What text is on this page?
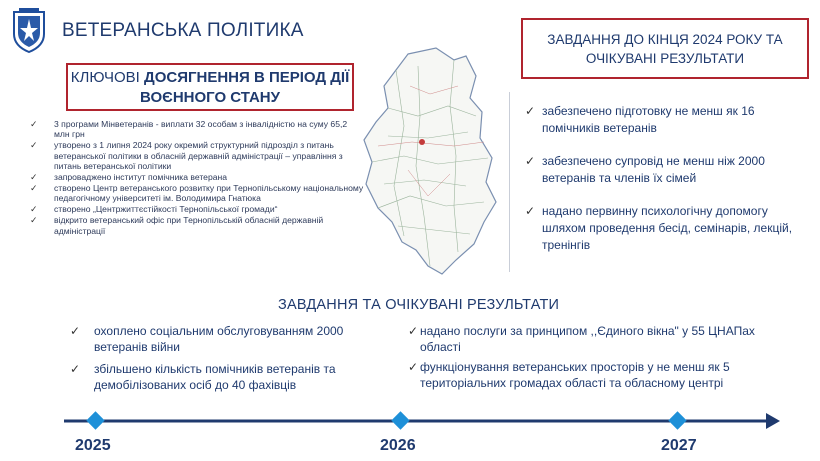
ВЕТЕРАНСЬКА ПОЛІТИКА
КЛЮЧОВІ ДОСЯГНЕННЯ В ПЕРІОД ДІЇ ВОЄННОГО СТАНУ
✓ 3 програми Мінветеранів - виплати 32 особам з інвалідністю на суму 65,2 млн грн
✓ утворено з 1 липня 2024 року окремий структурний підрозділ з питань ветеранської політики в обласній державній адміністрації – управління з питань ветеранської політики
✓ запроваджено інститут помічника ветерана
✓ створено Центр ветеранського розвитку при Тернопільському національному педагогічному університеті ім. Володимира Гнатюка
✓ створено „Центржиттєстійкості Тернопільської громади“
✓ відкрито ветеранський офіс при Тернопільській обласній державній адміністрації
ЗАВДАННЯ ДО КІНЦЯ 2024 РОКУ ТА ОЧІКУВАНІ РЕЗУЛЬТАТИ
✓ забезпечено підготовку не менш як 16 помічників ветеранів
✓ забезпечено супровід не менш ніж 2000 ветеранів та членів їх сімей
✓ надано первинну психологічну допомогу шляхом проведення бесід, семінарів, лекцій, тренінгів
ЗАВДАННЯ ТА ОЧІКУВАНІ РЕЗУЛЬТАТИ
✓ охоплено соціальним обслуговуванням 2000 ветеранів війни
✓ збільшено кількість помічників ветеранів та демобілізованих осіб до 40 фахівців
✓ надано послуги за принципом ,,Єдиного вікна" у 55 ЦНАПах області
✓ функціонування ветеранських просторів у не менш як 5 територіальних громадах області та обласному центрі
2025	2026	2027
